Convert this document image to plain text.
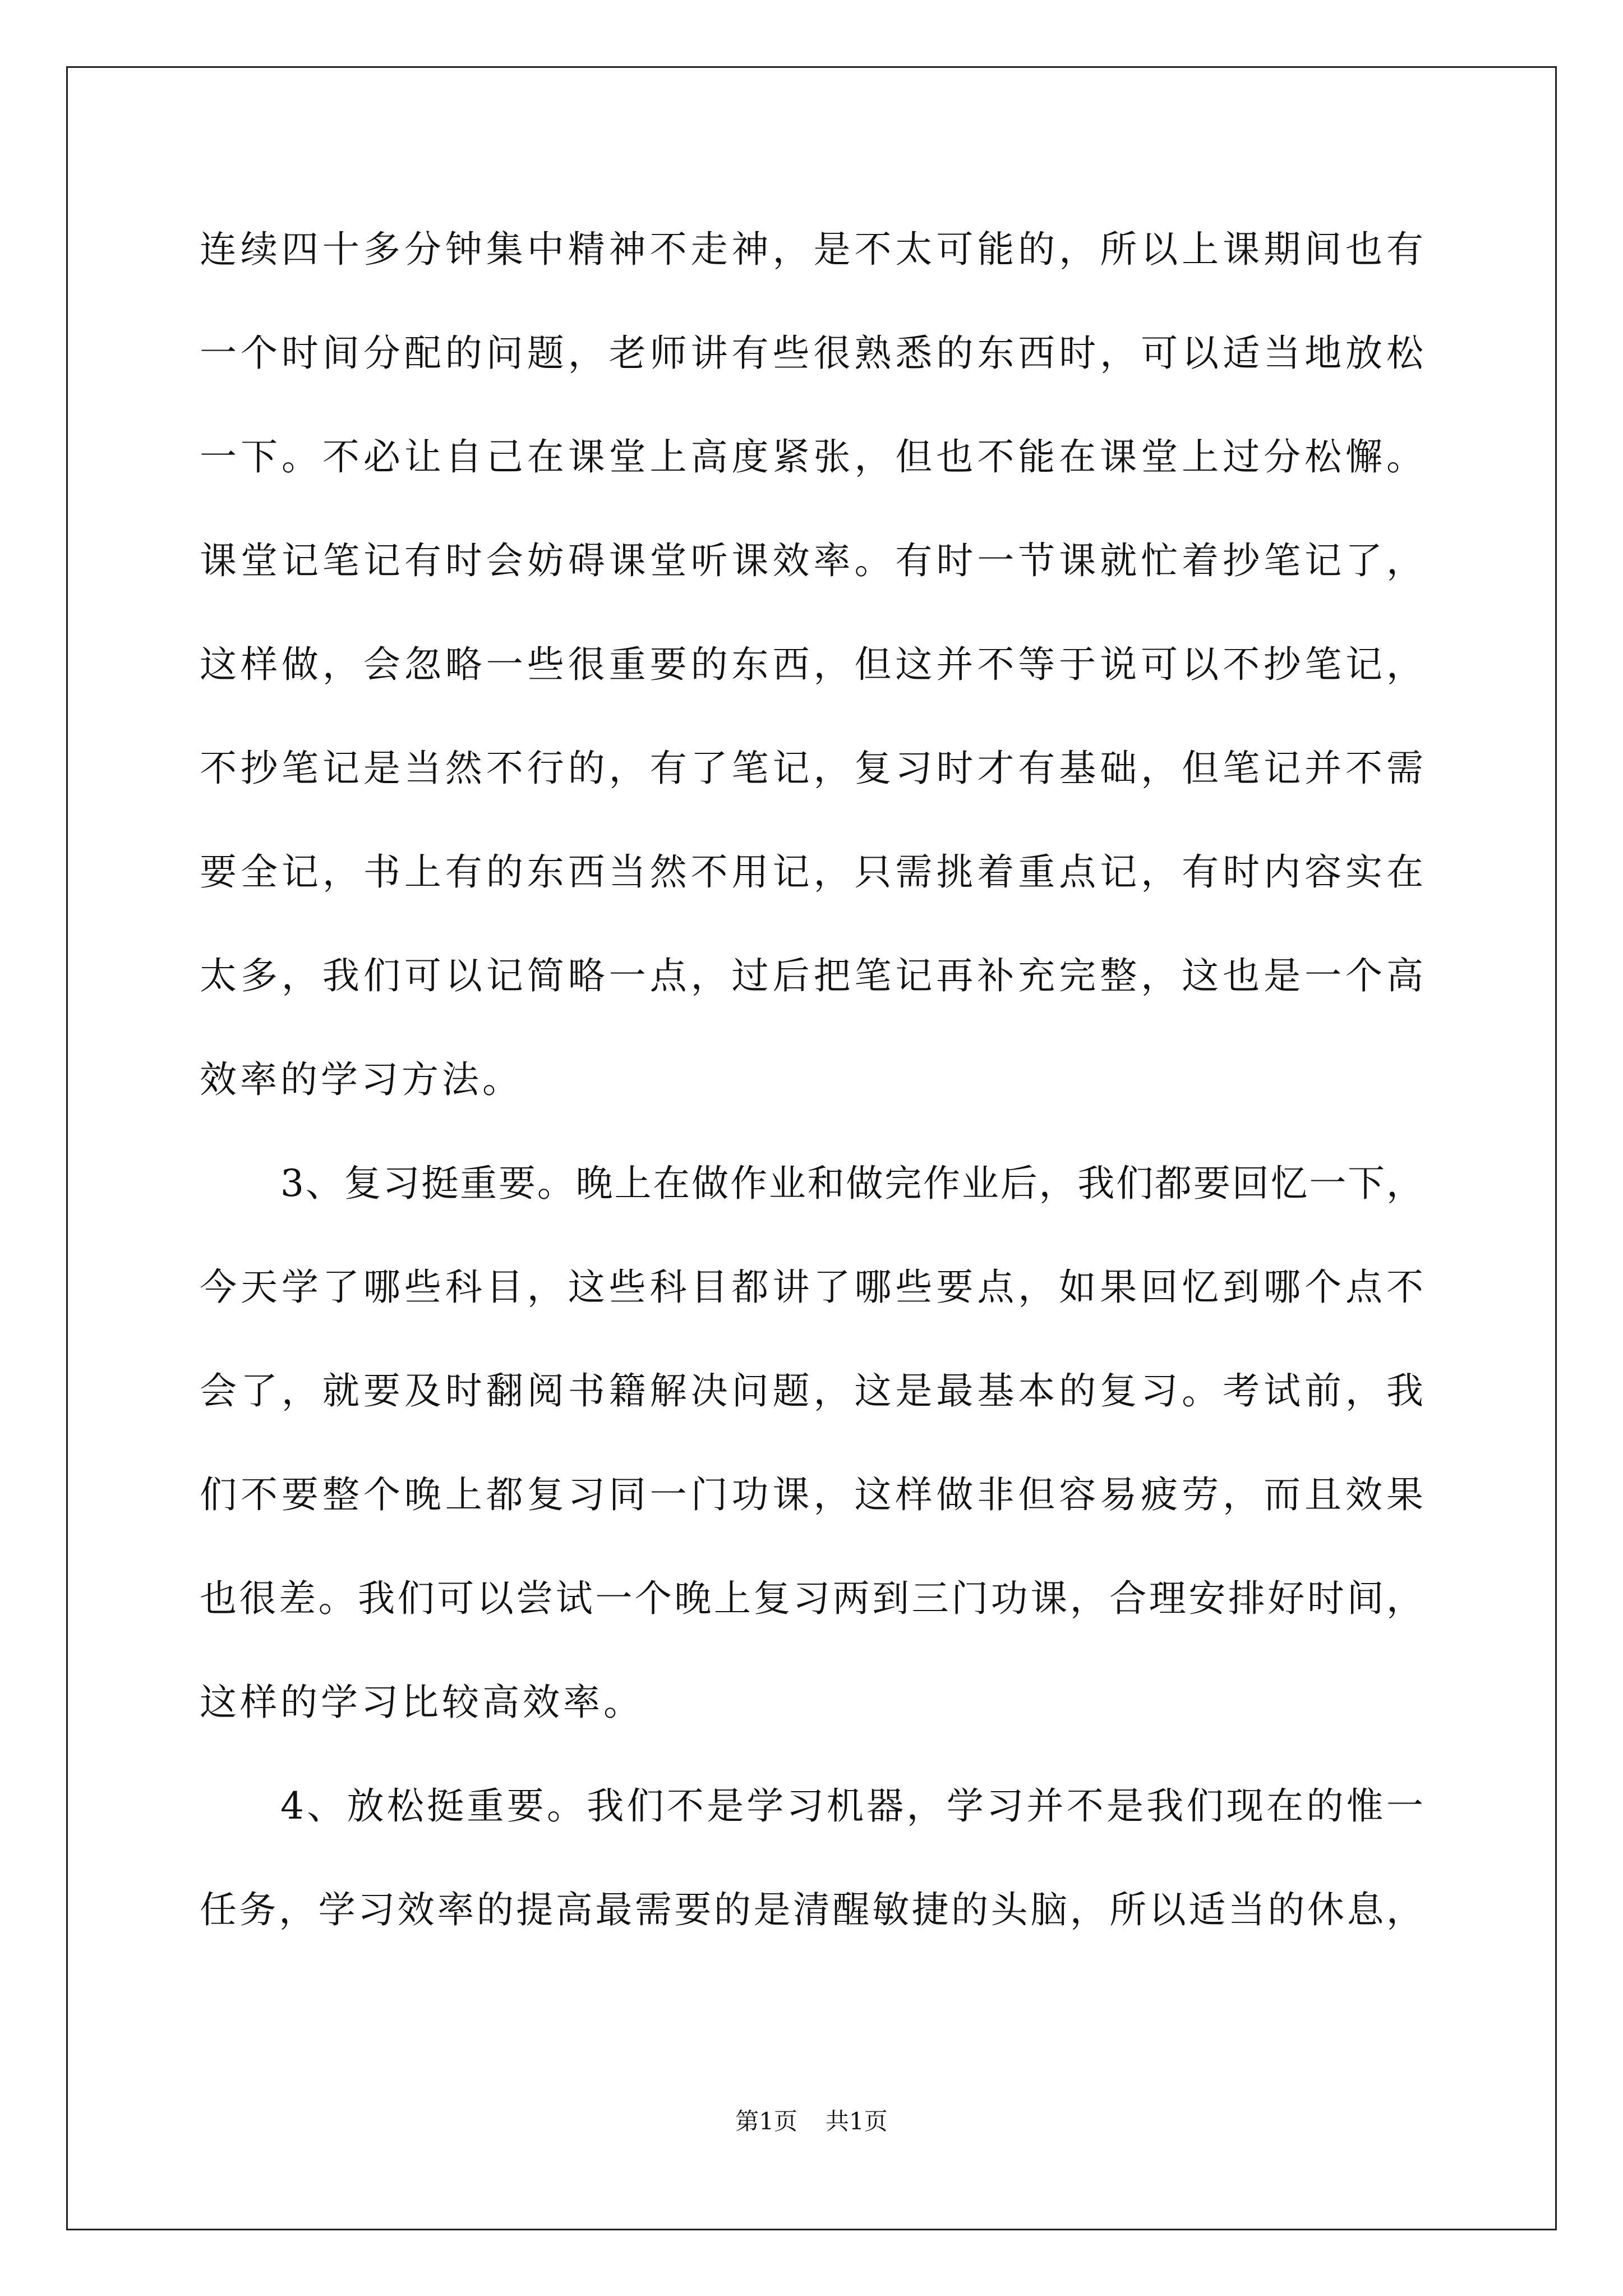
连续四十多分钟集中精神不走神，是不太可能的，所以上课期间也有
一个时间分配的问题，老师讲有些很熟悉的东西时，可以适当地放松
一下。不必让自己在课堂上高度紧张，但也不能在课堂上过分松懈。
课堂记笔记有时会妨碍课堂听课效率。有时一节课就忙着抄笔记了，
这样做，会忽略一些很重要的东西，但这并不等于说可以不抄笔记，
不抄笔记是当然不行的，有了笔记，复习时才有基础，但笔记并不需
要全记，书上有的东西当然不用记，只需挑着重点记，有时内容实在
太多，我们可以记简略一点，过后把笔记再补充完整，这也是一个高
效率的学习方法。
3、复习挺重要。晚上在做作业和做完作业后，我们都要回忆一下，
今天学了哪些科目，这些科目都讲了哪些要点，如果回忆到哪个点不
会了，就要及时翻阅书籍解决问题，这是最基本的复习。考试前，我
们不要整个晚上都复习同一门功课，这样做非但容易疲劳，而且效果
也很差。我们可以尝试一个晚上复习两到三门功课，合理安排好时间，
这样的学习比较高效率。
4、放松挺重要。我们不是学习机器，学习并不是我们现在的惟一
任务，学习效率的提高最需要的是清醒敏捷的头脑，所以适当的休息，
第1页 共1页
